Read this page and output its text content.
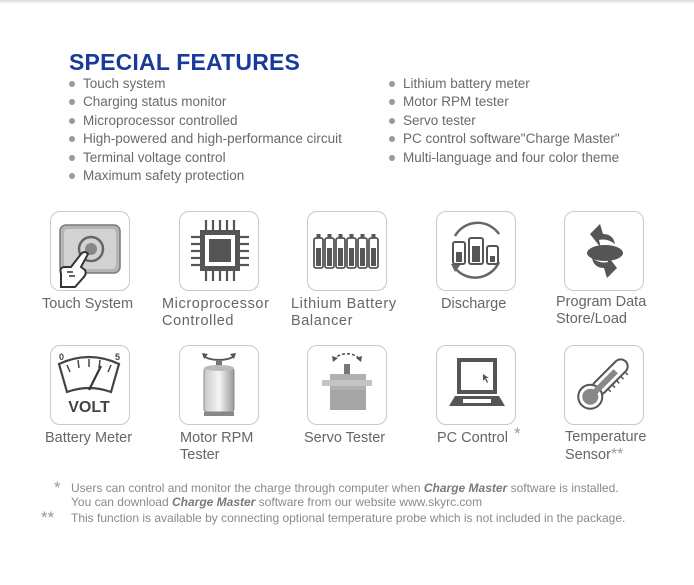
SPECIAL FEATURES
Touch system
Charging status monitor
Microprocessor controlled
High-powered and high-performance circuit
Terminal voltage control
Maximum safety protection
Lithium battery meter
Motor RPM tester
Servo tester
PC control software"Charge Master"
Multi-language and four color theme
Touch System Microprocessor
Controlled
Lithium Battery
Balancer
Discharge	Program Data
Store/Load
0	5
VOLT
Battery Meter	Motor RPM
Tester
Servo Tester	PC Control *	Temperature
Sensor**
* Users can control and monitor the charge through computer when Charge Master software is installed.
You can download Charge Master software from our website www.skyrc.com
** This function is available by connecting optional temperature probe which is not included in the package.
